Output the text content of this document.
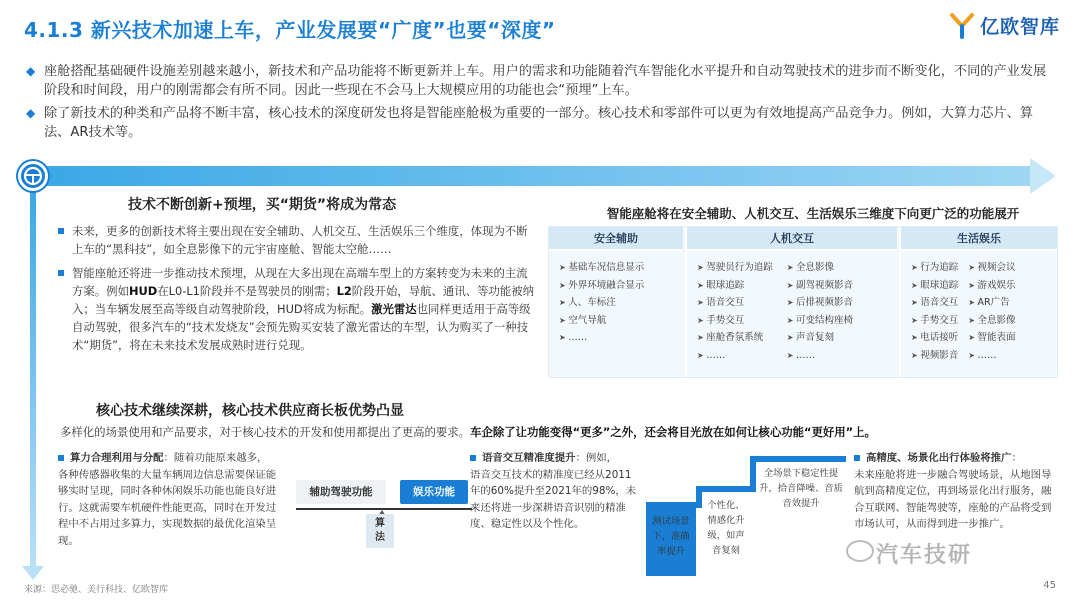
4.1.3 新兴技术加速上车，产业发展要“广度”也要“深度”	亿欧智库
◆ 座舱搭配基础硬件设施差别越来越小，新技术和产品功能将不断更新并上车。用户的需求和功能随着汽车智能化水平提升和自动驾驶技术的进步而不断变化，不同的产业发展阶段和时间段，用户的刚需都会有所不同。因此一些现在不会马上大规模应用的功能也会“预埋”上车。
◆ 除了新技术的种类和产品将不断丰富，核心技术的深度研发也将是智能座舱极为重要的一部分。核心技术和零部件可以更为有效地提高产品竞争力。例如，大算力芯片、算法、AR技术等。
技术不断创新+预埋，买“期货”将成为常态
未来，更多的创新技术将主要出现在安全辅助、人机交互、生活娱乐三个维度，体现为不断上车的“黑科技”，如全息影像下的元宇宙座舱、智能太空舱……
智能座舱还将进一步推动技术预埋，从现在大多出现在高端车型上的方案转变为未来的主流方案。例如HUD在L0-L1阶段并不是驾驶员的刚需；L2阶段开始，导航、通讯、等功能被纳入；当车辆发展至高等级自动驾驶阶段，HUD将成为标配。激光雷达也同样更适用于高等级自动驾驶，很多汽车的“技术发烧友”会预先购买安装了激光雷达的车型，认为购买了一种技术“期货”，将在未来技术发展成熟时进行兑现。
智能座舱将在安全辅助、人机交互、生活娱乐三维度下向更广泛的功能展开
安全辅助
➤ 基础车况信息显示
➤ 外界环境融合显示
➤ 人、车标注
➤ 空气导航
➤ ……
人机交互
➤ 驾驶员行为追踪
➤ 眼球追踪
➤ 语音交互
➤ 手势交互
➤ 座舱香氛系统
➤ ……
➤ 全息影像
➤ 副驾视频影音
➤ 后排视频影音
➤ 可变结构座椅
➤ 声音复刻
➤ ……
生活娱乐
➤ 行为追踪
➤ 眼球追踪
➤ 语音交互
➤ 手势交互
➤ 电话接听
➤ 视频影音
➤ 视频会议
➤ 游戏娱乐
➤ AR广告
➤ 全息影像
➤ 智能表面
➤ ……
核心技术继续深耕，核心技术供应商长板优势凸显
多样化的场景使用和产品要求，对于核心技术的开发和使用都提出了更高的要求。车企除了让功能变得“更多”之外，还会将目光放在如何让核心功能“更好用”上。
算力合理利用与分配：随着功能原来越多，
各种传感器收集的大量车辆周边信息需要保证能够实时呈现，同时各种休闲娱乐功能也能良好进行。这就需要车机硬件性能更高，同时在开发过程中不占用过多算力，实现数据的最优化渲染呈现。
辅助驾驶功能	娱乐功能
算法
语音交互精准度提升：例如，
语音交互技术的精准度已经从2011年的60%提升至2021年的98%，未来还将进一步深耕语音识别的精准度、稳定性以及个性化。	测试场景下，准确率提升
个性化、情感化升级，如声音复刻
全场景下稳定性提升，拾音降噪、音质音效提升
高精度、场景化出行体验将推广：
未来座舱将进一步融合驾驶场景，从地图导航到高精度定位，再到场景化出行服务，融合互联网、智能驾驶等，座舱的产品将受到市场认可，从而得到进一步推广。
汽车技研
来源：思必驰、美行科技、亿欧智库	45
